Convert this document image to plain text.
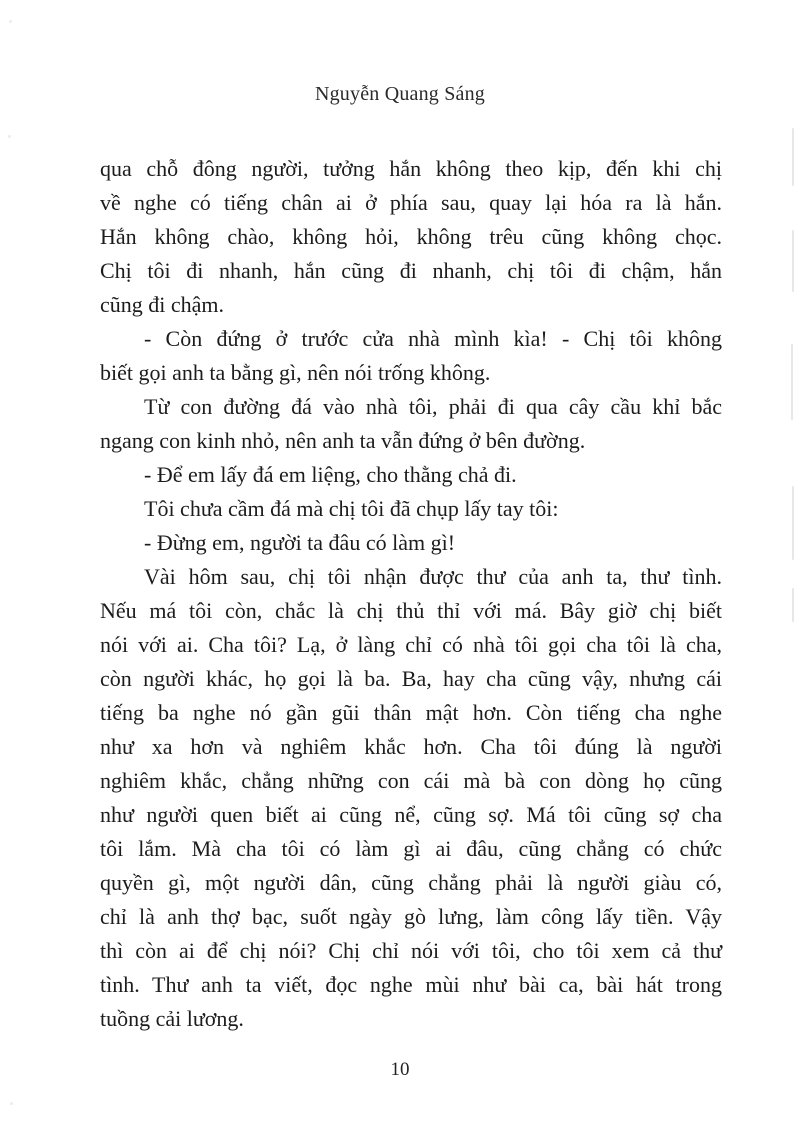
Nguyễn Quang Sáng
qua chỗ đông người, tưởng hắn không theo kịp, đến khi chị
về nghe có tiếng chân ai ở phía sau, quay lại hóa ra là hắn.
Hắn không chào, không hỏi, không trêu cũng không chọc.
Chị tôi đi nhanh, hắn cũng đi nhanh, chị tôi đi chậm, hắn
cũng đi chậm.
- Còn đứng ở trước cửa nhà mình kìa! - Chị tôi không
biết gọi anh ta bằng gì, nên nói trống không.
Từ con đường đá vào nhà tôi, phải đi qua cây cầu khỉ bắc
ngang con kinh nhỏ, nên anh ta vẫn đứng ở bên đường.
- Để em lấy đá em liệng, cho thằng chả đi.
Tôi chưa cầm đá mà chị tôi đã chụp lấy tay tôi:
- Đừng em, người ta đâu có làm gì!
Vài hôm sau, chị tôi nhận được thư của anh ta, thư tình.
Nếu má tôi còn, chắc là chị thủ thỉ với má. Bây giờ chị biết
nói với ai. Cha tôi? Lạ, ở làng chỉ có nhà tôi gọi cha tôi là cha,
còn người khác, họ gọi là ba. Ba, hay cha cũng vậy, nhưng cái
tiếng ba nghe nó gần gũi thân mật hơn. Còn tiếng cha nghe
như xa hơn và nghiêm khắc hơn. Cha tôi đúng là người
nghiêm khắc, chẳng những con cái mà bà con dòng họ cũng
như người quen biết ai cũng nể, cũng sợ. Má tôi cũng sợ cha
tôi lắm. Mà cha tôi có làm gì ai đâu, cũng chẳng có chức
quyền gì, một người dân, cũng chẳng phải là người giàu có,
chỉ là anh thợ bạc, suốt ngày gò lưng, làm công lấy tiền. Vậy
thì còn ai để chị nói? Chị chỉ nói với tôi, cho tôi xem cả thư
tình. Thư anh ta viết, đọc nghe mùi như bài ca, bài hát trong
tuồng cải lương.
10
